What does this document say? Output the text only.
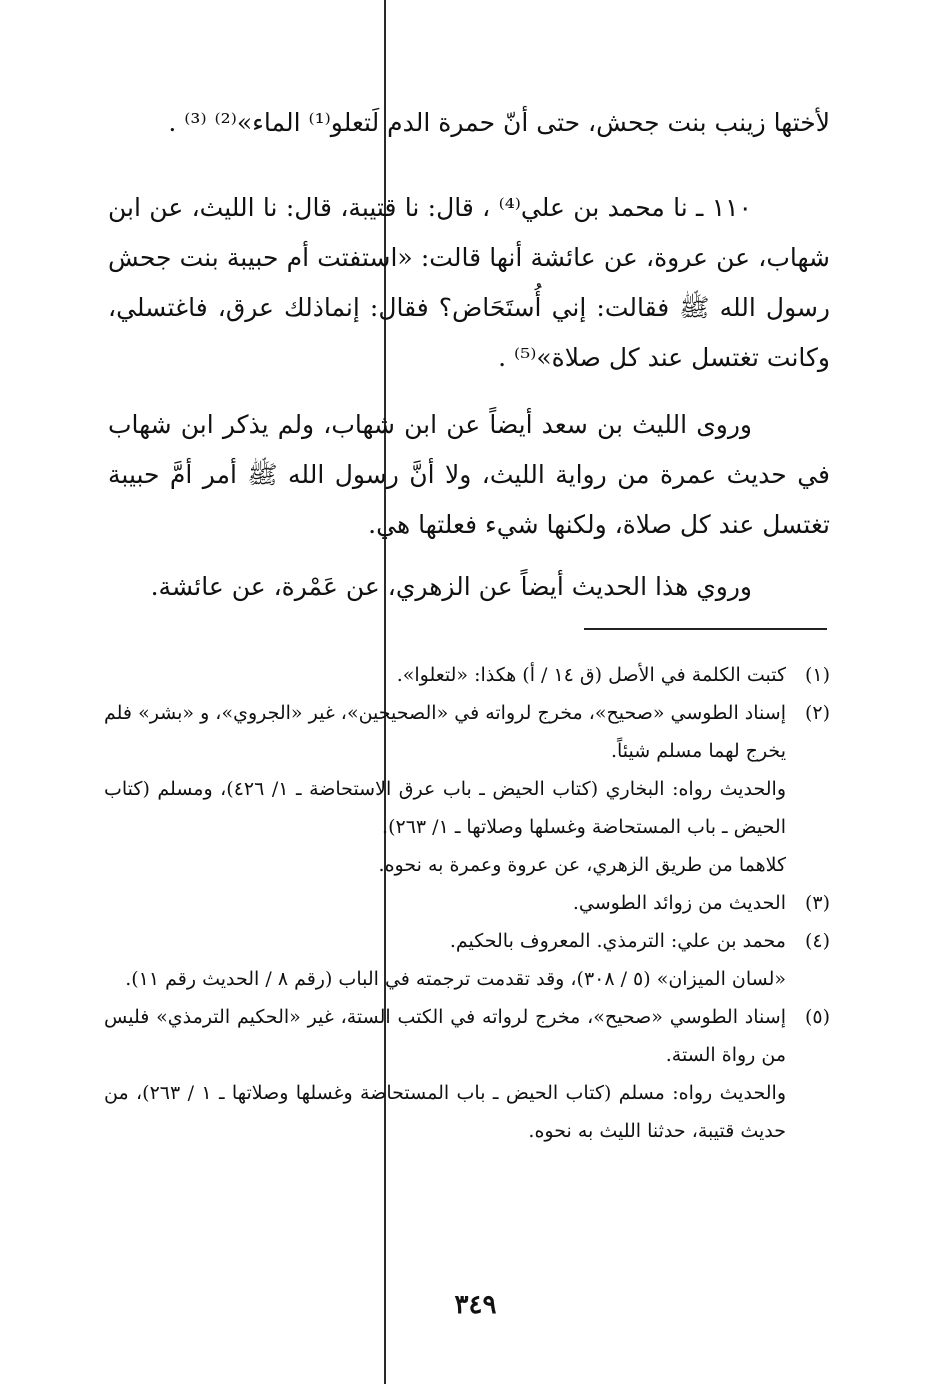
لأختها زينب بنت جحش، حتى أنّ حمرة الدم لَتعلو⁽¹⁾ الماء»⁽²⁾ ⁽³⁾ .
١١٠ ـ نا محمد بن علي⁽⁴⁾ ، قال: نا قتيبة، قال: نا الليث، عن ابن شهاب، عن عروة، عن عائشة أنها قالت: «استفتت أم حبيبة بنت جحش رسول الله ﷺ فقالت: إني أُستَحَاض؟ فقال: إنماذلك عرق، فاغتسلي، وكانت تغتسل عند كل صلاة»⁽⁵⁾ .
وروى الليث بن سعد أيضاً عن ابن شهاب، ولم يذكر ابن شهاب في حديث عمرة من رواية الليث، ولا أنَّ رسول الله ﷺ أمر أمَّ حبيبة تغتسل عند كل صلاة، ولكنها شيء فعلتها هي.
وروي هذا الحديث أيضاً عن الزهري، عن عَمْرة، عن عائشة.
(١)
كتبت الكلمة في الأصل (ق ١٤ / أ) هكذا: «لتعلوا».
(٢)
إسناد الطوسي «صحيح»، مخرج لرواته في «الصحيحين»، غير «الجروي»، و «بشر» فلم يخرج لهما مسلم شيئاً.
والحديث رواه: البخاري (كتاب الحيض ـ باب عرق الاستحاضة ـ ١/ ٤٢٦)، ومسلم (كتاب الحيض ـ باب المستحاضة وغسلها وصلاتها ـ ١/ ٢٦٣).
كلاهما من طريق الزهري، عن عروة وعمرة به نحوه.
(٣)
الحديث من زوائد الطوسي.
(٤)
محمد بن علي: الترمذي. المعروف بالحكيم.
«لسان الميزان» (٥ / ٣٠٨)، وقد تقدمت ترجمته في الباب (رقم ٨ / الحديث رقم ١١).
(٥)
إسناد الطوسي «صحيح»، مخرج لرواته في الكتب الستة، غير «الحكيم الترمذي» فليس من رواة الستة.
والحديث رواه: مسلم (كتاب الحيض ـ باب المستحاضة وغسلها وصلاتها ـ ١ / ٢٦٣)، من حديث قتيبة، حدثنا الليث به نحوه.
٣٤٩
